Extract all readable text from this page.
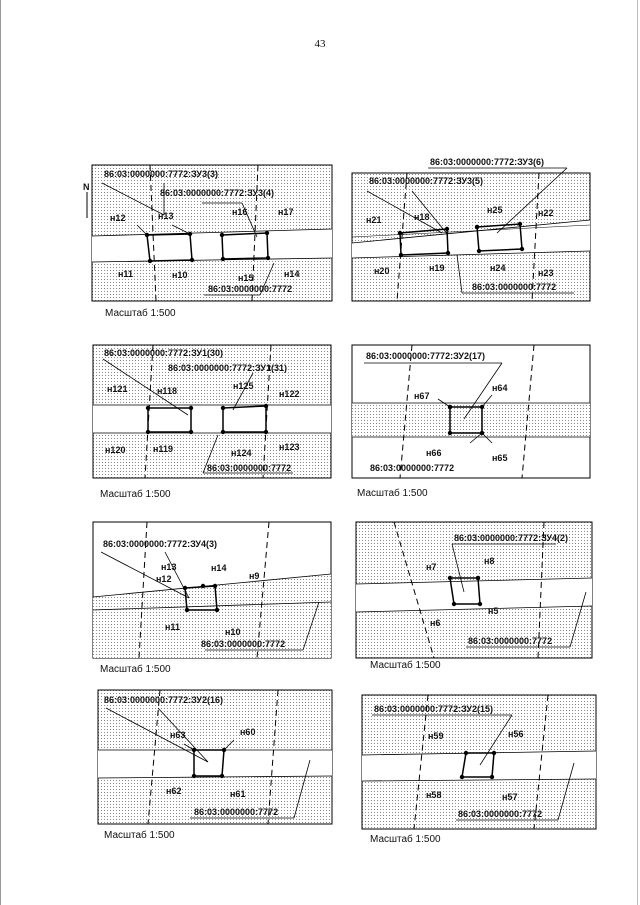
43
86:03:0000000:7772:ЗУ3(3)
86:03:0000000:7772:ЗУ3(4)
86:03:0000000:7772
н12	н13	н16	н17
н11	н10	н15	н14
N
Масштаб 1:500
86:03:0000000:7772:ЗУ3(6)
86:03:0000000:7772:ЗУ3(5)
86:03:0000000:7772
н21	н18
н25	н22
н20	н19	н24	н23
86:03:0000000:7772:ЗУ1(30)
86:03:0000000:7772:ЗУ1(31)
86:03:0000000:7772
н121	н118	н125
н122
н120	н119	н124
н123
Масштаб 1:500
86:03:0000000:7772:ЗУ2(17)
86:03:0000000:7772
н67
н64
н66	н65
Масштаб 1:500
86:03:0000000:7772:ЗУ4(3)
86:03:0000000:7772
н13	н14
н12	н9
н11	н10
Масштаб 1:500
86:03:0000000:7772:ЗУ4(2)
86:03:0000000:7772
н7
н8
н6
н5
Масштаб 1:500
86:03:0000000:7772:ЗУ2(16)
86:03:0000000:7772
н63	н60
н62	н61
Масштаб 1:500
86:03:0000000:7772:ЗУ2(15)
86:03:0000000:7772
н59	н56
н58	н57
Масштаб 1:500
